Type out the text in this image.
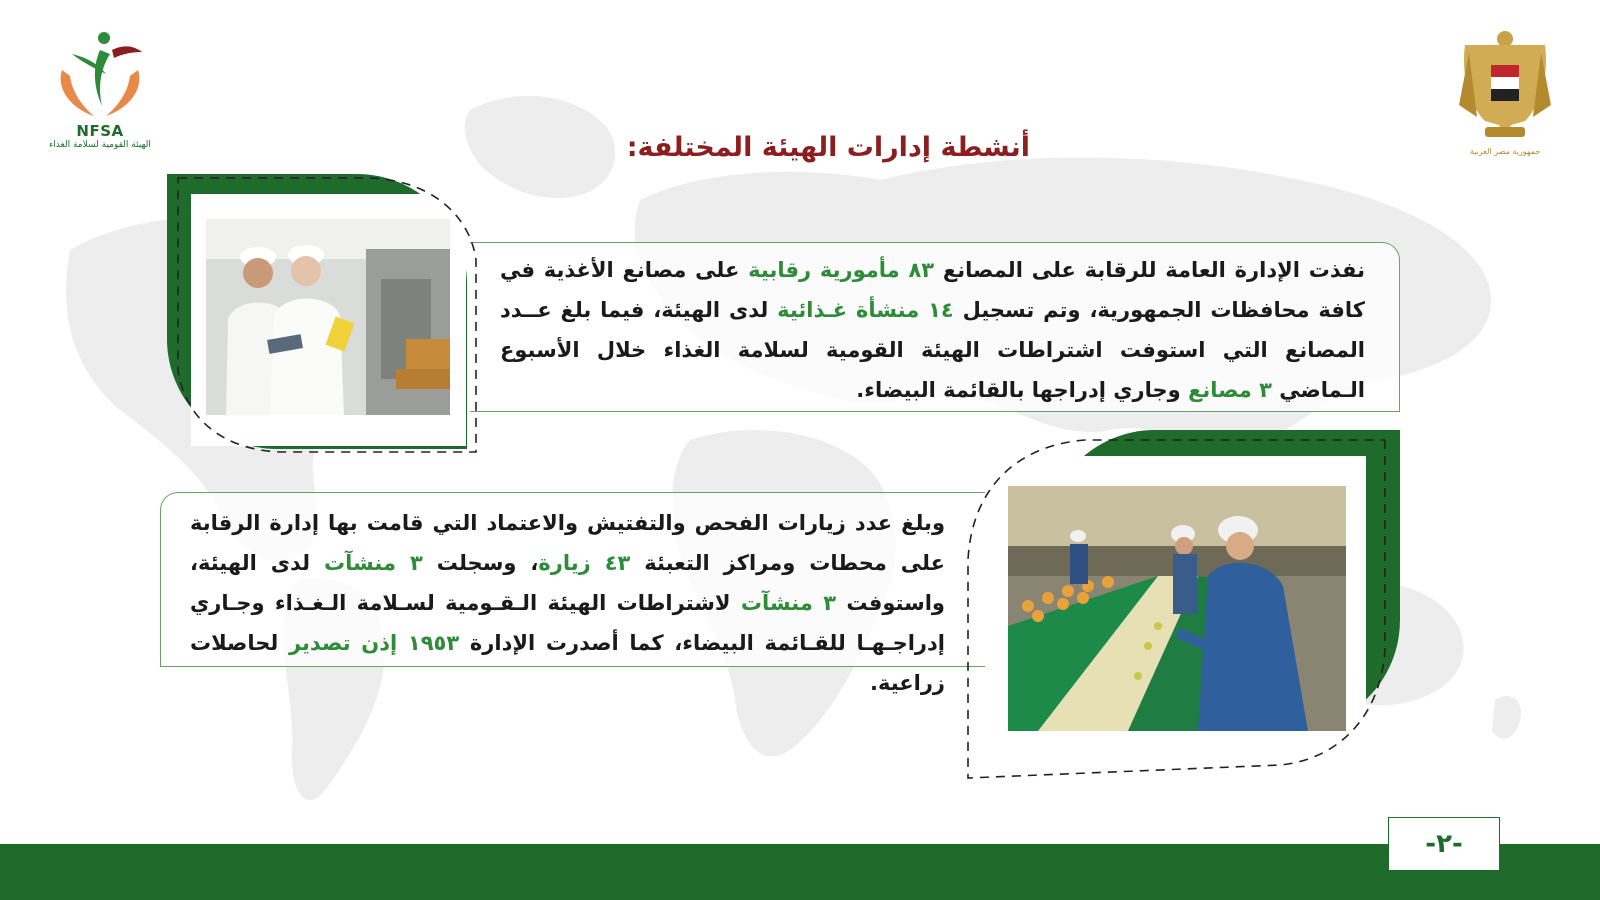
NFSA
الهيئة القومية لسلامة الغذاء
جمهورية مصر العربية
أنشطة إدارات الهيئة المختلفة:
نفذت الإدارة العامة للرقابة على المصانع ٨٣ مأمورية رقابية على مصانع الأغذية في كافة محافظات الجمهورية، وتم تسجيل ١٤ منشأة غـذائية لدى الهيئة، فيما بلغ عــدد المصانع التي استوفت اشتراطات الهيئة القومية لسلامة الغذاء خلال الأسبوع الـماضي ٣ مصانع وجاري إدراجها بالقائمة البيضاء.
وبلغ عدد زيارات الفحص والتفتيش والاعتماد التي قامت بها إدارة الرقابة على محطات ومراكز التعبئة ٤٣ زيارة، وسجلت ٣ منشآت لدى الهيئة، واستوفت ٣ منشآت لاشتراطات الهيئة الـقـومية لسـلامة الـغـذاء وجـاري إدراجـهـا للقـائمة البيضاء، كما أصدرت الإدارة ١٩٥٣ إذن تصدير لحاصلات زراعية.
-٢-
